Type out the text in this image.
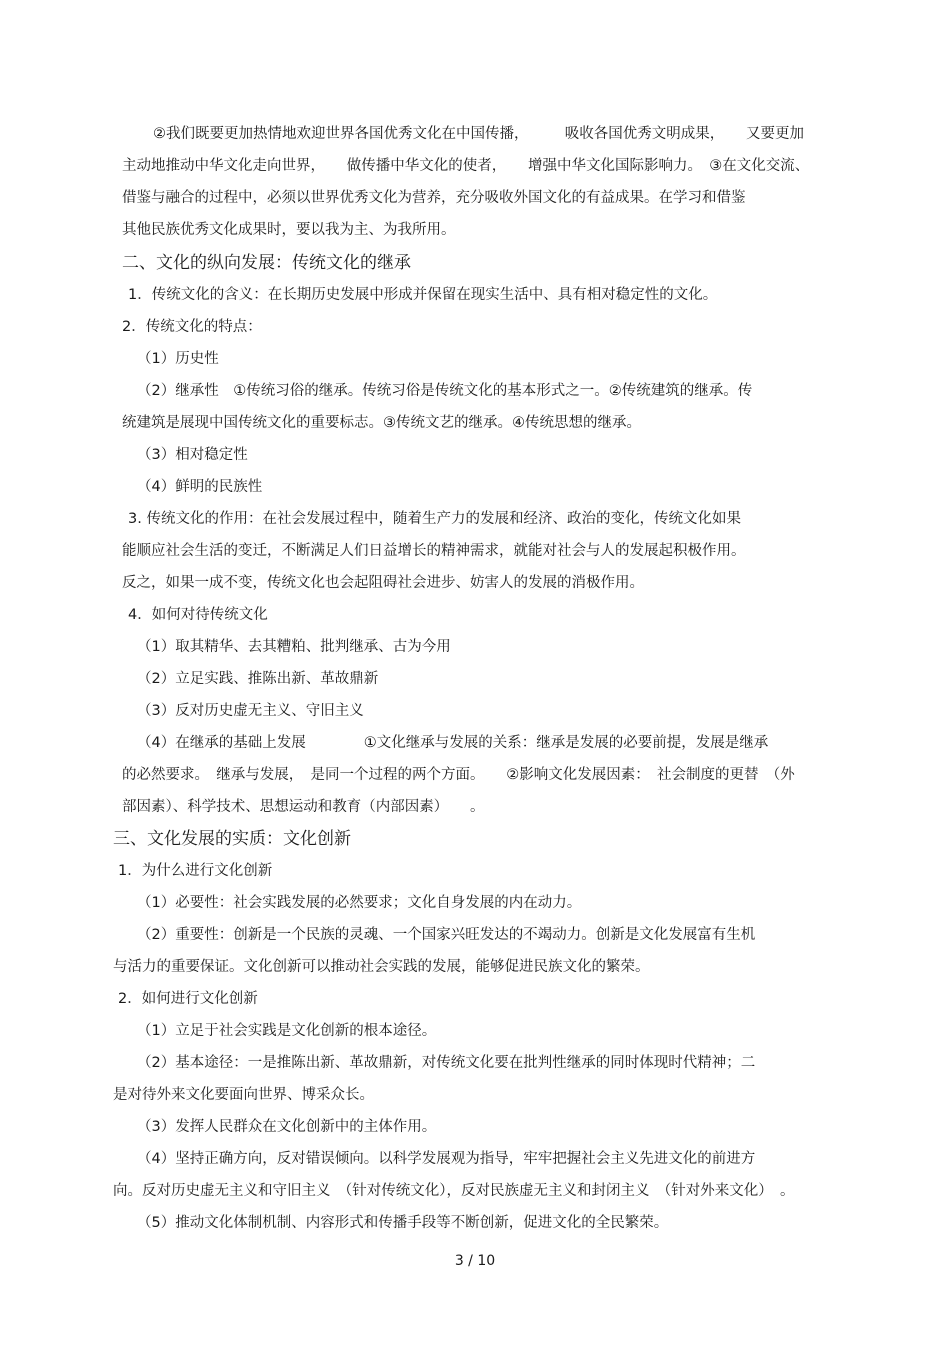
②我们既要更加热情地欢迎世界各国优秀文化在中国传播，　　　吸收各国优秀文明成果，　　又要更加
主动地推动中华文化走向世界，　　做传播中华文化的使者，　　增强中华文化国际影响力。　③在文化交流、
借鉴与融合的过程中，必须以世界优秀文化为营养，充分吸收外国文化的有益成果。在学习和借鉴
其他民族优秀文化成果时，要以我为主、为我所用。
二、文化的纵向发展：传统文化的继承
1．传统文化的含义：在长期历史发展中形成并保留在现实生活中、具有相对稳定性的文化。
2．传统文化的特点：
（1）历史性
（2）继承性　①传统习俗的继承。传统习俗是传统文化的基本形式之一。②传统建筑的继承。传
统建筑是展现中国传统文化的重要标志。③传统文艺的继承。④传统思想的继承。
（3）相对稳定性
（4）鲜明的民族性
3. 传统文化的作用：在社会发展过程中，随着生产力的发展和经济、政治的变化，传统文化如果
能顺应社会生活的变迁，不断满足人们日益增长的精神需求，就能对社会与人的发展起积极作用。
反之，如果一成不变，传统文化也会起阻碍社会进步、妨害人的发展的消极作用。
4．如何对待传统文化
（1）取其精华、去其糟粕、批判继承、古为今用
（2）立足实践、推陈出新、革故鼎新
（3）反对历史虚无主义、守旧主义
（4）在继承的基础上发展　　　　①文化继承与发展的关系：继承是发展的必要前提，发展是继承
的必然要求。　继承与发展，　是同一个过程的两个方面。　　②影响文化发展因素：　社会制度的更替　（外
部因素）、科学技术、思想运动和教育（内部因素）　　。
三、文化发展的实质：文化创新
1．为什么进行文化创新
（1）必要性：社会实践发展的必然要求；文化自身发展的内在动力。
（2）重要性：创新是一个民族的灵魂、一个国家兴旺发达的不竭动力。创新是文化发展富有生机
与活力的重要保证。文化创新可以推动社会实践的发展，能够促进民族文化的繁荣。
2．如何进行文化创新
（1）立足于社会实践是文化创新的根本途径。
（2）基本途径：一是推陈出新、革故鼎新，对传统文化要在批判性继承的同时体现时代精神；二
是对待外来文化要面向世界、博采众长。
（3）发挥人民群众在文化创新中的主体作用。
（4）坚持正确方向，反对错误倾向。以科学发展观为指导，牢牢把握社会主义先进文化的前进方
向。反对历史虚无主义和守旧主义　（针对传统文化），反对民族虚无主义和封闭主义　（针对外来文化）　。
（5）推动文化体制机制、内容形式和传播手段等不断创新，促进文化的全民繁荣。
3 / 10
